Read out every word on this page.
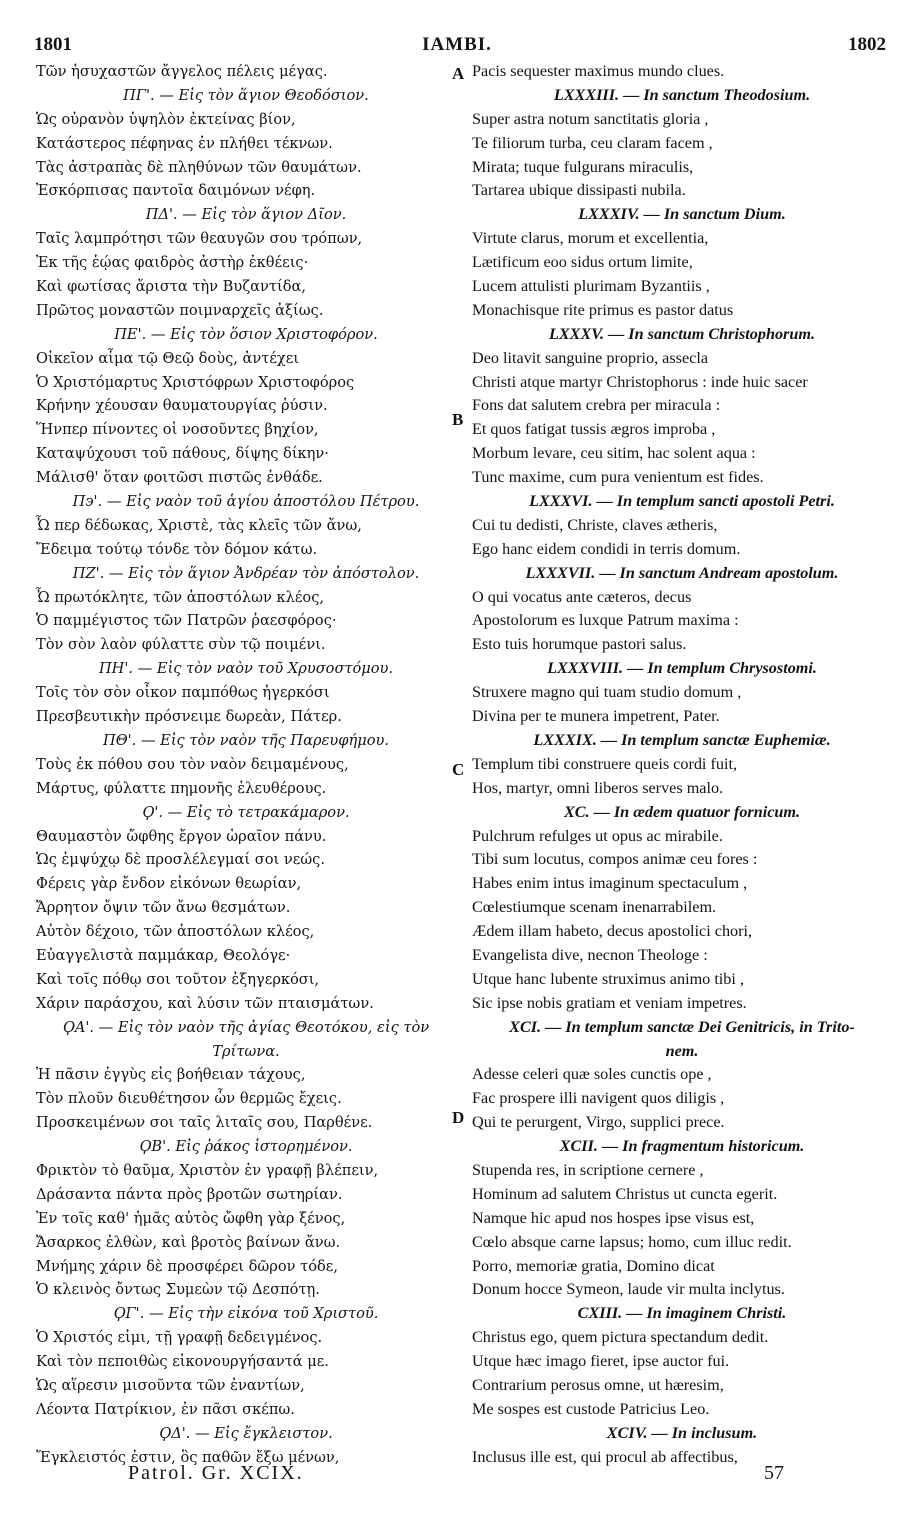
1801	IAMBI.	1802
Τῶν ἡσυχαστῶν ἄγγελος πέλεις μέγας.
ΠΓ'. — Εἰς τὸν ἅγιον Θεοδόσιον.
Ὡς οὐρανὸν ὑψηλὸν ἐκτείνας βίον,
Κατάστερος πέφηνας ἐν πλήθει τέκνων.
Τὰς ἀστραπὰς δὲ πληθύνων τῶν θαυμάτων.
Ἐσκόρπισας παντοῖα δαιμόνων νέφη.
ΠΔ'. — Εἰς τὸν ἅγιον Δῖον.
Ταῖς λαμπρότησι τῶν θεαυγῶν σου τρόπων,
Ἐκ τῆς ἑῴας φαιδρὸς ἀστὴρ ἐκθέεις·
Καὶ φωτίσας ἄριστα τὴν Βυζαντίδα,
Πρῶτος μοναστῶν ποιμναρχεῖς ἀξίως.
ΠΕ'. — Εἰς τὸν ὅσιον Χριστοφόρον.
Οἰκεῖον αἷμα τῷ Θεῷ δοὺς, ἀντέχει
Ὁ Χριστόμαρτυς Χριστόφρων Χριστοφόρος
Κρήνην χέουσαν θαυματουργίας ῥύσιν.
Ἥνπερ πίνοντες οἱ νοσοῦντες βηχίον,
Καταψύχουσι τοῦ πάθους, δίψης δίκην·
Μάλισθ' ὅταν φοιτῶσι πιστῶς ἐνθάδε.
Π϶'. — Εἰς ναὸν τοῦ ἁγίου ἀποστόλου Πέτρου.
Ὦ περ δέδωκας, Χριστὲ, τὰς κλεῖς τῶν ἄνω,
Ἔδειμα τούτῳ τόνδε τὸν δόμον κάτω.
ΠΖ'. — Εἰς τὸν ἅγιον Ἀνδρέαν τὸν ἀπόστολον.
Ὦ πρωτόκλητε, τῶν ἀποστόλων κλέος,
Ὁ παμμέγιστος τῶν Πατρῶν ῥαεσφόρος·
Τὸν σὸν λαὸν φύλαττε σὺν τῷ ποιμένι.
ΠΗ'. — Εἰς τὸν ναὸν τοῦ Χρυσοστόμου.
Τοῖς τὸν σὸν οἶκον παμπόθως ἠγερκόσι
Πρεσβευτικὴν πρόσνειμε δωρεὰν, Πάτερ.
ΠΘ'. — Εἰς τὸν ναὸν τῆς Παρευφήμου.
Τοὺς ἐκ πόθου σου τὸν ναὸν δειμαμένους,
Μάρτυς, φύλαττε πημονῆς ἐλευθέρους.
Ϙ'. — Εἰς τὸ τετρακάμαρον.
Θαυμαστὸν ὤφθης ἔργον ὡραῖον πάνυ.
Ὡς ἐμψύχῳ δὲ προσλέλεγμαί σοι νεώς.
Φέρεις γὰρ ἔνδον εἰκόνων θεωρίαν,
Ἄρρητον ὄψιν τῶν ἄνω θεσμάτων.
Αὐτὸν δέχοιο, τῶν ἀποστόλων κλέος,
Εὐαγγελιστὰ παμμάκαρ, Θεολόγε·
Καὶ τοῖς πόθῳ σοι τοῦτον ἐξηγερκόσι,
Χάριν παράσχου, καὶ λύσιν τῶν πταισμάτων.
ϘΑ'. — Εἰς τὸν ναὸν τῆς ἁγίας Θεοτόκου, εἰς τὸν
Τρίτωνα.
Ἡ πᾶσιν ἐγγὺς εἰς βοήθειαν τάχους,
Τὸν πλοῦν διευθέτησον ὧν θερμῶς ἔχεις.
Προσκειμένων σοι ταῖς λιταῖς σου, Παρθένε.
ϘΒ'. Εἰς ῥάκος ἱστορημένον.
Φρικτὸν τὸ θαῦμα, Χριστὸν ἐν γραφῇ βλέπειν,
Δράσαντα πάντα πρὸς βροτῶν σωτηρίαν.
Ἐν τοῖς καθ' ἡμᾶς αὐτὸς ὤφθη γὰρ ξένος,
Ἄσαρκος ἐλθὼν, καὶ βροτὸς βαίνων ἄνω.
Μνήμης χάριν δὲ προσφέρει δῶρον τόδε,
Ὁ κλεινὸς ὄντως Συμεὼν τῷ Δεσπότῃ.
ϘΓ'. — Εἰς τὴν εἰκόνα τοῦ Χριστοῦ.
Ὁ Χριστός εἰμι, τῇ γραφῇ δεδειγμένος.
Καὶ τὸν πεποιθὼς εἰκονουργήσαντά με.
Ὡς αἵρεσιν μισοῦντα τῶν ἐναντίων,
Λέοντα Πατρίκιον, ἐν πᾶσι σκέπω.
ϘΔ'. — Εἰς ἔγκλειστον.
Ἔγκλειστός ἐστιν, ὃς παθῶν ἔξω μένων,
Pacis sequester maximus mundo clues.
LXXXIII. — In sanctum Theodosium.
Super astra notum sanctitatis gloria ,
Te filiorum turba, ceu claram facem ,
Mirata; tuque fulgurans miraculis,
Tartarea ubique dissipasti nubila.
LXXXIV. — In sanctum Dium.
Virtute clarus, morum et excellentia,
Lætificum eoo sidus ortum limite,
Lucem attulisti plurimam Byzantiis ,
Monachisque rite primus es pastor datus
LXXXV. — In sanctum Christophorum.
Deo litavit sanguine proprio, assecla
Christi atque martyr Christophorus : inde huic sacer
Fons dat salutem crebra per miracula :
Et quos fatigat tussis ægros improba ,
Morbum levare, ceu sitim, hac solent aqua :
Tunc maxime, cum pura venientum est fides.
LXXXVI. — In templum sancti apostoli Petri.
Cui tu dedisti, Christe, claves ætheris,
Ego hanc eidem condidi in terris domum.
LXXXVII. — In sanctum Andream apostolum.
O qui vocatus ante cæteros, decus
Apostolorum es luxque Patrum maxima :
Esto tuis horumque pastori salus.
LXXXVIII. — In templum Chrysostomi.
Struxere magno qui tuam studio domum ,
Divina per te munera impetrent, Pater.
LXXXIX. — In templum sanctæ Euphemiæ.
Templum tibi construere queis cordi fuit,
Hos, martyr, omni liberos serves malo.
XC. — In ædem quatuor fornicum.
Pulchrum refulges ut opus ac mirabile.
Tibi sum locutus, compos animæ ceu fores :
Habes enim intus imaginum spectaculum ,
Cœlestiumque scenam inenarrabilem.
Ædem illam habeto, decus apostolici chori,
Evangelista dive, necnon Theologe :
Utque hanc lubente struximus animo tibi ,
Sic ipse nobis gratiam et veniam impetres.
XCI. — In templum sanctæ Dei Genitricis, in Trito-
nem.
Adesse celeri quæ soles cunctis ope ,
Fac prospere illi navigent quos diligis ,
Qui te perurgent, Virgo, supplici prece.
XCII. — In fragmentum historicum.
Stupenda res, in scriptione cernere ,
Hominum ad salutem Christus ut cuncta egerit.
Namque hic apud nos hospes ipse visus est,
Cœlo absque carne lapsus; homo, cum illuc redit.
Porro, memoriæ gratia, Domino dicat
Donum hocce Symeon, laude vir multa inclytus.
CXIII. — In imaginem Christi.
Christus ego, quem pictura spectandum dedit.
Utque hæc imago fieret, ipse auctor fui.
Contrarium perosus omne, ut hæresim,
Me sospes est custode Patricius Leo.
XCIV. — In inclusum.
Inclusus ille est, qui procul ab affectibus,
A
B
C
D
Patrol. Gr. XCIX.	57
